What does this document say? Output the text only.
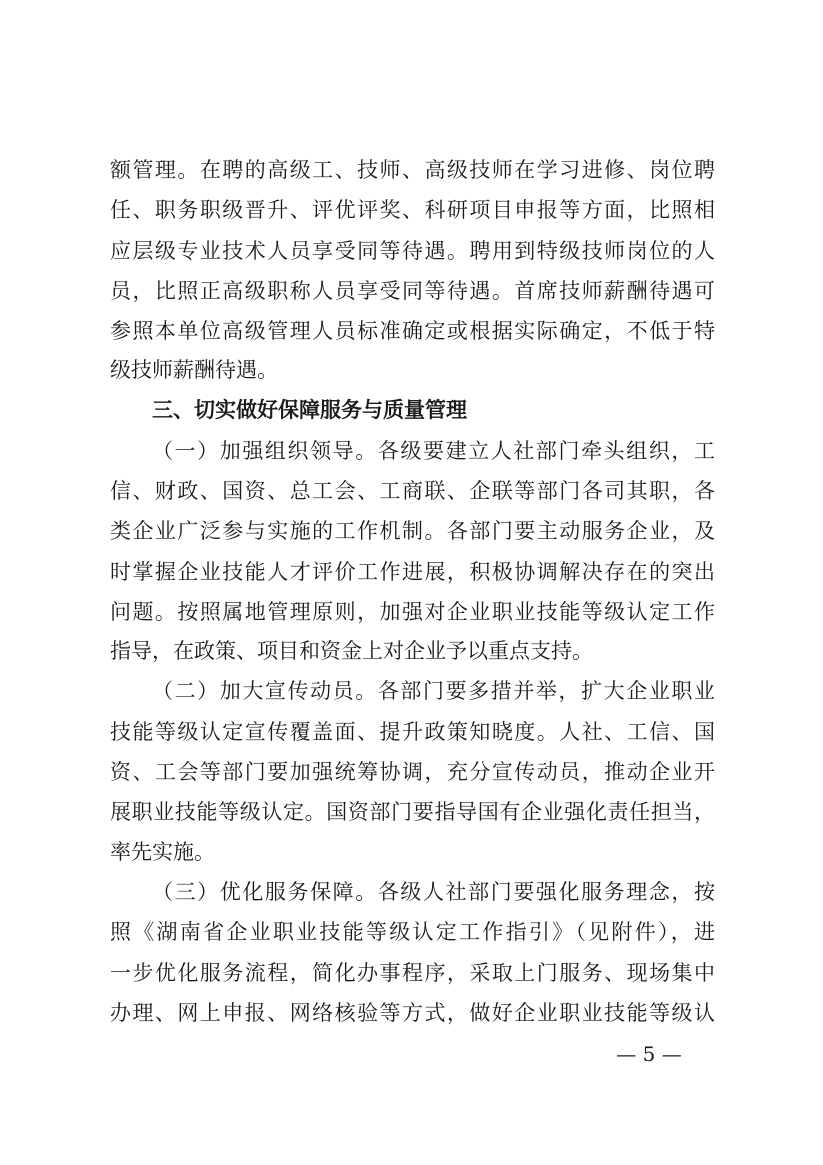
额管理。在聘的高级工、技师、高级技师在学习进修、岗位聘
任、职务职级晋升、评优评奖、科研项目申报等方面，比照相
应层级专业技术人员享受同等待遇。聘用到特级技师岗位的人
员，比照正高级职称人员享受同等待遇。首席技师薪酬待遇可
参照本单位高级管理人员标准确定或根据实际确定，不低于特
级技师薪酬待遇。
三、切实做好保障服务与质量管理
（一）加强组织领导。各级要建立人社部门牵头组织，工
信、财政、国资、总工会、工商联、企联等部门各司其职，各
类企业广泛参与实施的工作机制。各部门要主动服务企业，及
时掌握企业技能人才评价工作进展，积极协调解决存在的突出
问题。按照属地管理原则，加强对企业职业技能等级认定工作
指导，在政策、项目和资金上对企业予以重点支持。
（二）加大宣传动员。各部门要多措并举，扩大企业职业
技能等级认定宣传覆盖面、提升政策知晓度。人社、工信、国
资、工会等部门要加强统筹协调，充分宣传动员，推动企业开
展职业技能等级认定。国资部门要指导国有企业强化责任担当，
率先实施。
（三）优化服务保障。各级人社部门要强化服务理念，按
照《湖南省企业职业技能等级认定工作指引》（见附件），进
一步优化服务流程，简化办事程序，采取上门服务、现场集中
办理、网上申报、网络核验等方式，做好企业职业技能等级认
— 5 —
